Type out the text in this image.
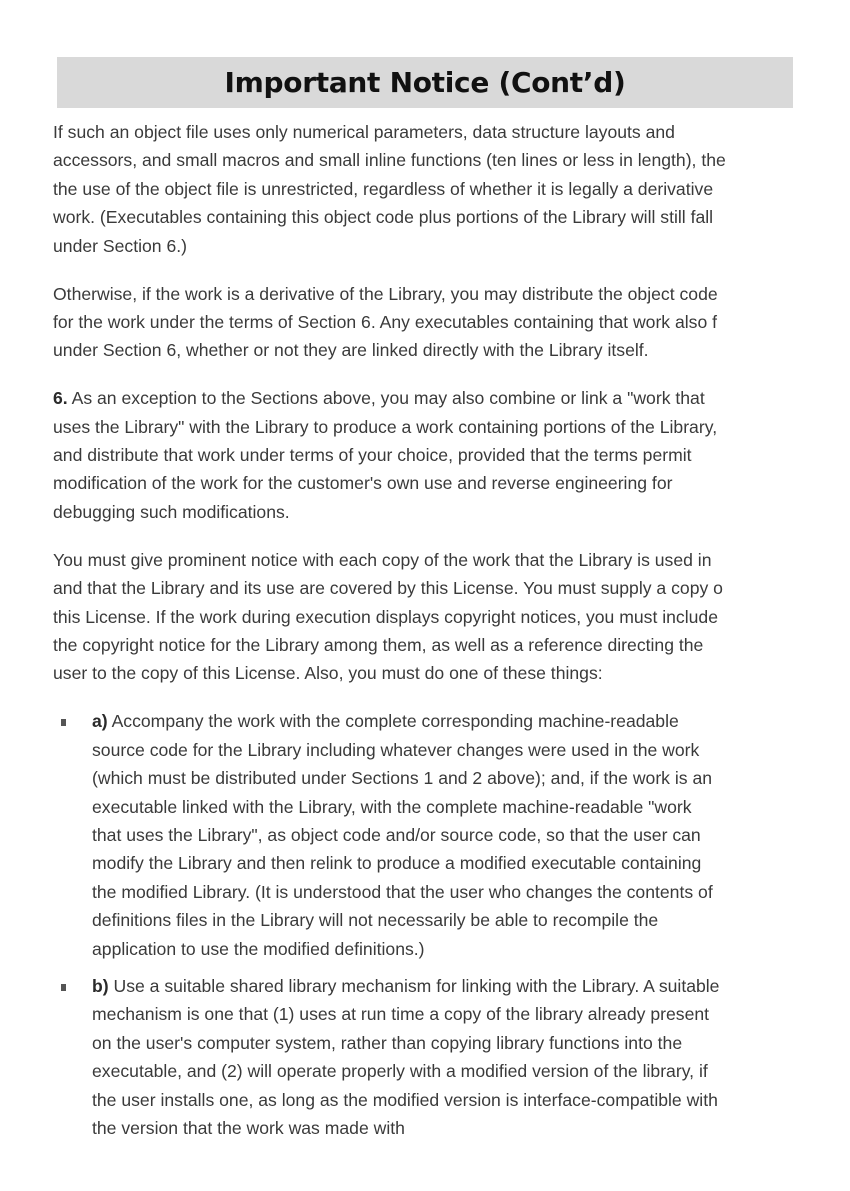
Important Notice (Cont’d)

If such an object file uses only numerical parameters, data structure layouts and
accessors, and small macros and small inline functions (ten lines or less in length), the
the use of the object file is unrestricted, regardless of whether it is legally a derivative
work. (Executables containing this object code plus portions of the Library will still fall
under Section 6.)

Otherwise, if the work is a derivative of the Library, you may distribute the object code
for the work under the terms of Section 6. Any executables containing that work also f
under Section 6, whether or not they are linked directly with the Library itself.

6. As an exception to the Sections above, you may also combine or link a "work that
uses the Library" with the Library to produce a work containing portions of the Library,
and distribute that work under terms of your choice, provided that the terms permit
modification of the work for the customer's own use and reverse engineering for
debugging such modifications.

You must give prominent notice with each copy of the work that the Library is used in
and that the Library and its use are covered by this License. You must supply a copy o
this License. If the work during execution displays copyright notices, you must include
the copyright notice for the Library among them, as well as a reference directing the
user to the copy of this License. Also, you must do one of these things:

a) Accompany the work with the complete corresponding machine-readable
source code for the Library including whatever changes were used in the work
(which must be distributed under Sections 1 and 2 above); and, if the work is an
executable linked with the Library, with the complete machine-readable "work
that uses the Library", as object code and/or source code, so that the user can
modify the Library and then relink to produce a modified executable containing
the modified Library. (It is understood that the user who changes the contents of
definitions files in the Library will not necessarily be able to recompile the
application to use the modified definitions.)
b) Use a suitable shared library mechanism for linking with the Library. A suitable
mechanism is one that (1) uses at run time a copy of the library already present
on the user's computer system, rather than copying library functions into the
executable, and (2) will operate properly with a modified version of the library, if
the user installs one, as long as the modified version is interface-compatible with
the version that the work was made with
